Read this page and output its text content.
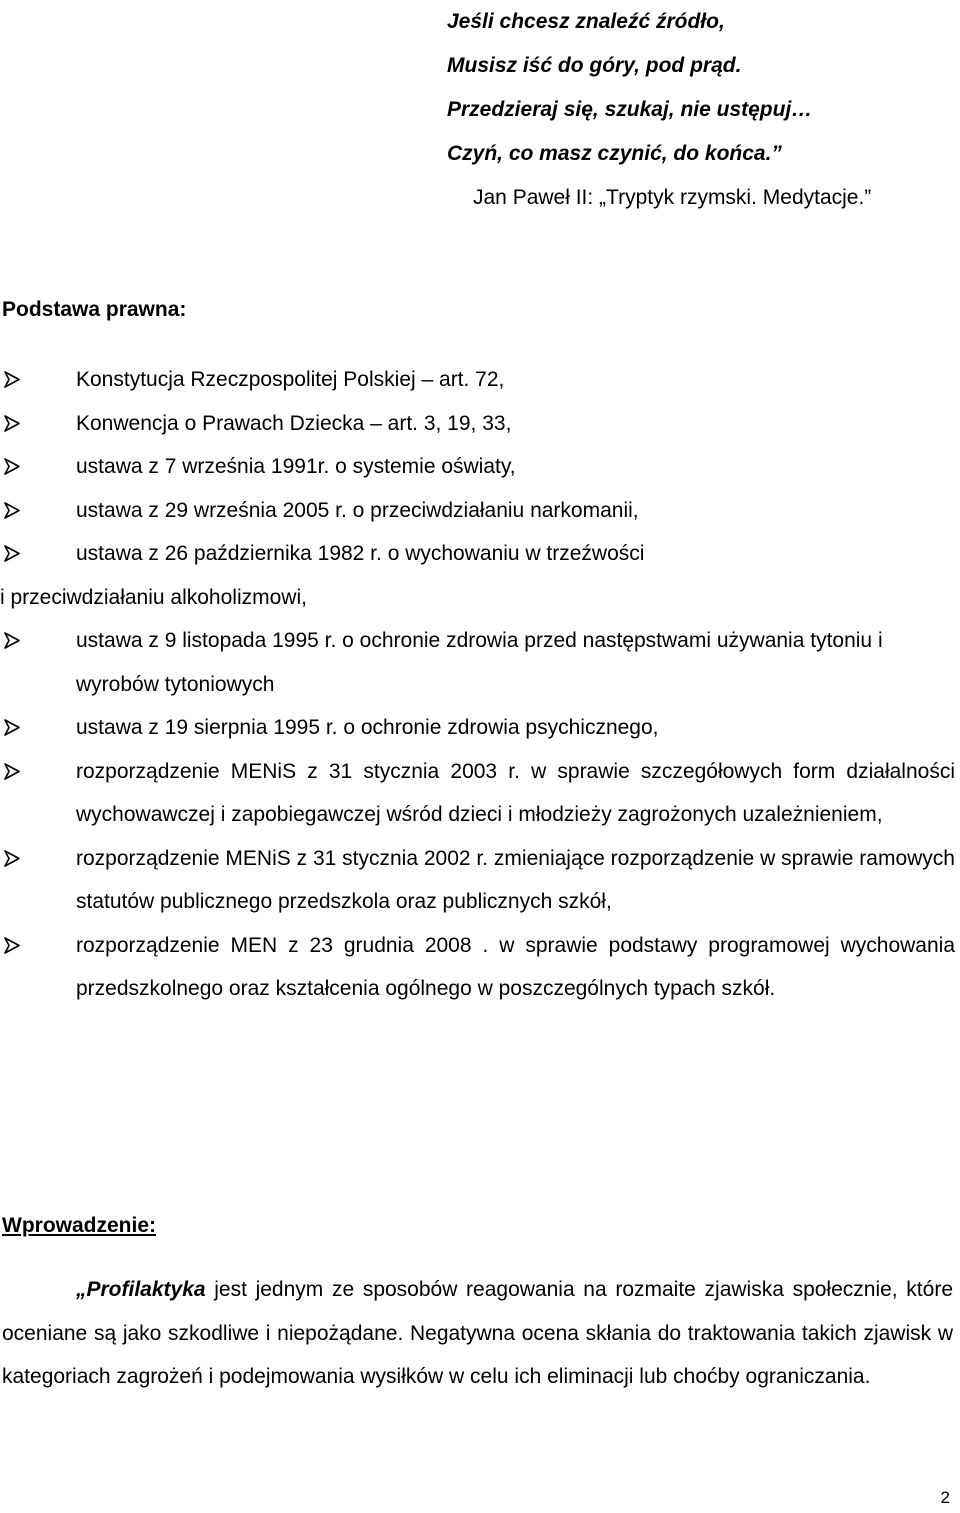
Jeśli chcesz znaleźć źródło,
Musisz iść do góry, pod prąd.
Przedzieraj się, szukaj, nie ustępuj…
Czyń, co masz czynić, do końca.”
Jan Paweł II: „Tryptyk rzymski. Medytacje.”
Podstawa prawna:
Konstytucja Rzeczpospolitej Polskiej – art. 72,
Konwencja o Prawach Dziecka – art. 3, 19, 33,
ustawa z 7 września 1991r. o systemie oświaty,
ustawa z 29 września 2005 r. o przeciwdziałaniu narkomanii,
ustawa z 26 października 1982 r. o wychowaniu w trzeźwości
i przeciwdziałaniu alkoholizmowi,
ustawa z 9 listopada 1995 r. o ochronie zdrowia przed następstwami używania tytoniu i wyrobów tytoniowych
ustawa z 19 sierpnia 1995 r. o ochronie zdrowia psychicznego,
rozporządzenie MENiS z 31 stycznia 2003 r. w sprawie szczegółowych form działalności wychowawczej i zapobiegawczej wśród dzieci i młodzieży zagrożonych uzależnieniem,
rozporządzenie MENiS z 31 stycznia 2002 r. zmieniające rozporządzenie w sprawie ramowych statutów publicznego przedszkola oraz publicznych szkół,
rozporządzenie MEN z 23 grudnia 2008 . w sprawie podstawy programowej wychowania przedszkolnego oraz kształcenia ogólnego w poszczególnych typach szkół.
Wprowadzenie:
„Profilaktyka jest jednym ze sposobów reagowania na rozmaite zjawiska społecznie, które oceniane są jako szkodliwe i niepożądane. Negatywna ocena skłania do traktowania takich zjawisk w kategoriach zagrożeń i podejmowania wysiłków w celu ich eliminacji lub choćby ograniczania.
2
